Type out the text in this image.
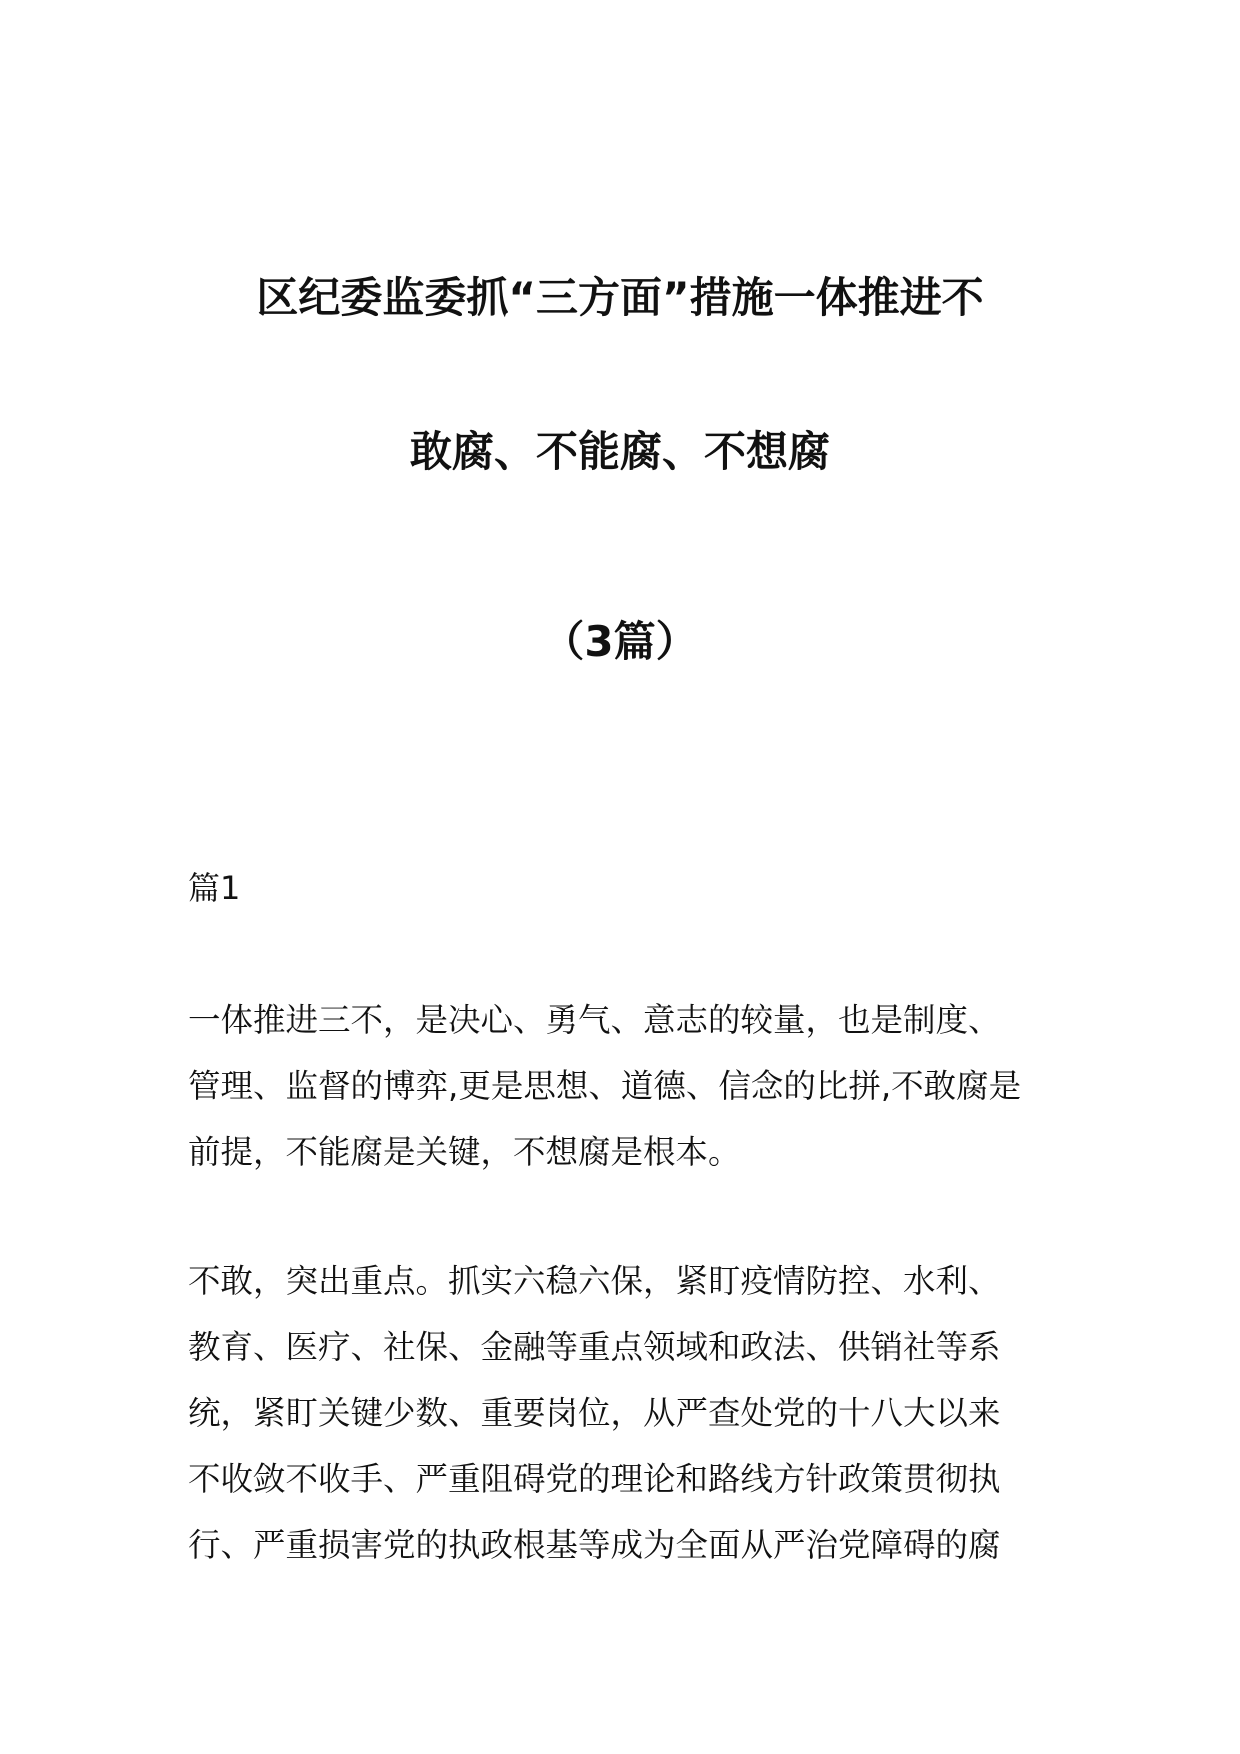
区纪委监委抓“三方面”措施一体推进不
敢腐、不能腐、不想腐
（3篇）
篇1
一体推进三不，是决心、勇气、意志的较量，也是制度、
管理、监督的博弈,更是思想、道德、信念的比拼,不敢腐是
前提，不能腐是关键，不想腐是根本。
不敢，突出重点。抓实六稳六保，紧盯疫情防控、水利、
教育、医疗、社保、金融等重点领域和政法、供销社等系
统，紧盯关键少数、重要岗位，从严查处党的十八大以来
不收敛不收手、严重阻碍党的理论和路线方针政策贯彻执
行、严重损害党的执政根基等成为全面从严治党障碍的腐
